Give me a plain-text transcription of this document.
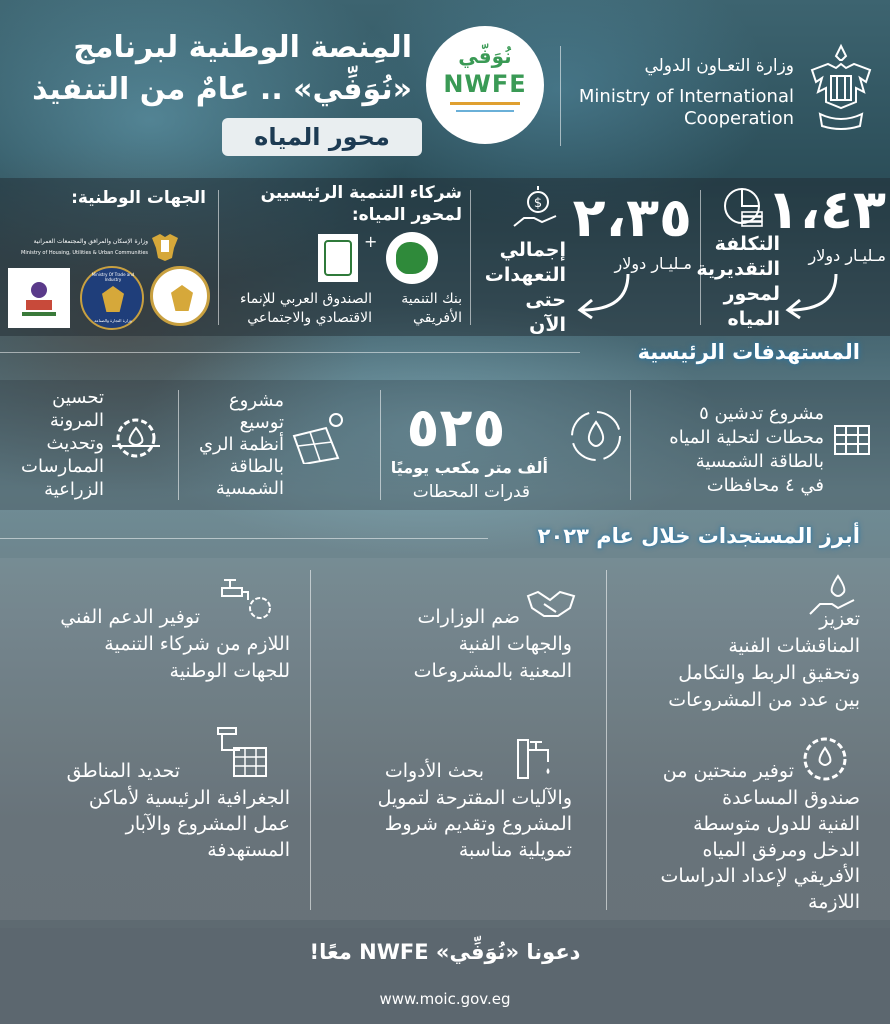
المِنصة الوطنية لبرنامج
«نُوَفِّي» .. عامٌ من التنفيذ
محور المياه
نُوَفّي
NWFE
وزارة التعـاون الدولي
Ministry of International
Cooperation
١،٤٣
مـليـار دولار
التكلفة
التقديرية
لمحور
المياه
$ ٢،٣٥
مـليـار دولار
إجمالي
التعهدات
حتى
الآن
شركاء التنمية الرئيسيين
لمحور المياه:
+
بنك التنمية
الأفريقي
الصندوق العربي للإنماء
الاقتصادي والاجتماعي
الجهات الوطنية:
وزارة الإسكان والمرافق والمجتمعات العمرانية
Ministry of Housing, Utilities & Urban Communities
Ministry Of Trade and Industry
وزارة التجارة والصناعة
المستهدفات الرئيسية
مشروع تدشين ٥
محطات لتحلية المياه
بالطاقة الشمسية
في ٤ محافظات
٥٢٥
ألف متر مكعب يوميًا
قدرات المحطات
مشروع
توسيع
أنظمة الري
بالطاقة
الشمسية
تحسين
المرونة
وتحديث
الممارسات
الزراعية
أبرز المستجدات خلال عام ٢٠٢٣
تعزيز
المناقشات الفنية
وتحقيق الربط والتكامل
بين عدد من المشروعات
ضم الوزارات
والجهات الفنية
المعنية بالمشروعات
توفير الدعم الفني
اللازم من شركاء التنمية
للجهات الوطنية
توفير منحتين من
صندوق المساعدة
الفنية للدول متوسطة
الدخل ومرفق المياه
الأفريقي لإعداد الدراسات
اللازمة
بحث الأدوات
والآليات المقترحة لتمويل
المشروع وتقديم شروط
تمويلية مناسبة
تحديد المناطق
الجغرافية الرئيسية لأماكن
عمل المشروع والآبار
المستهدفة
دعونا «نُوَفِّي» NWFE معًا!
www.moic.gov.eg
